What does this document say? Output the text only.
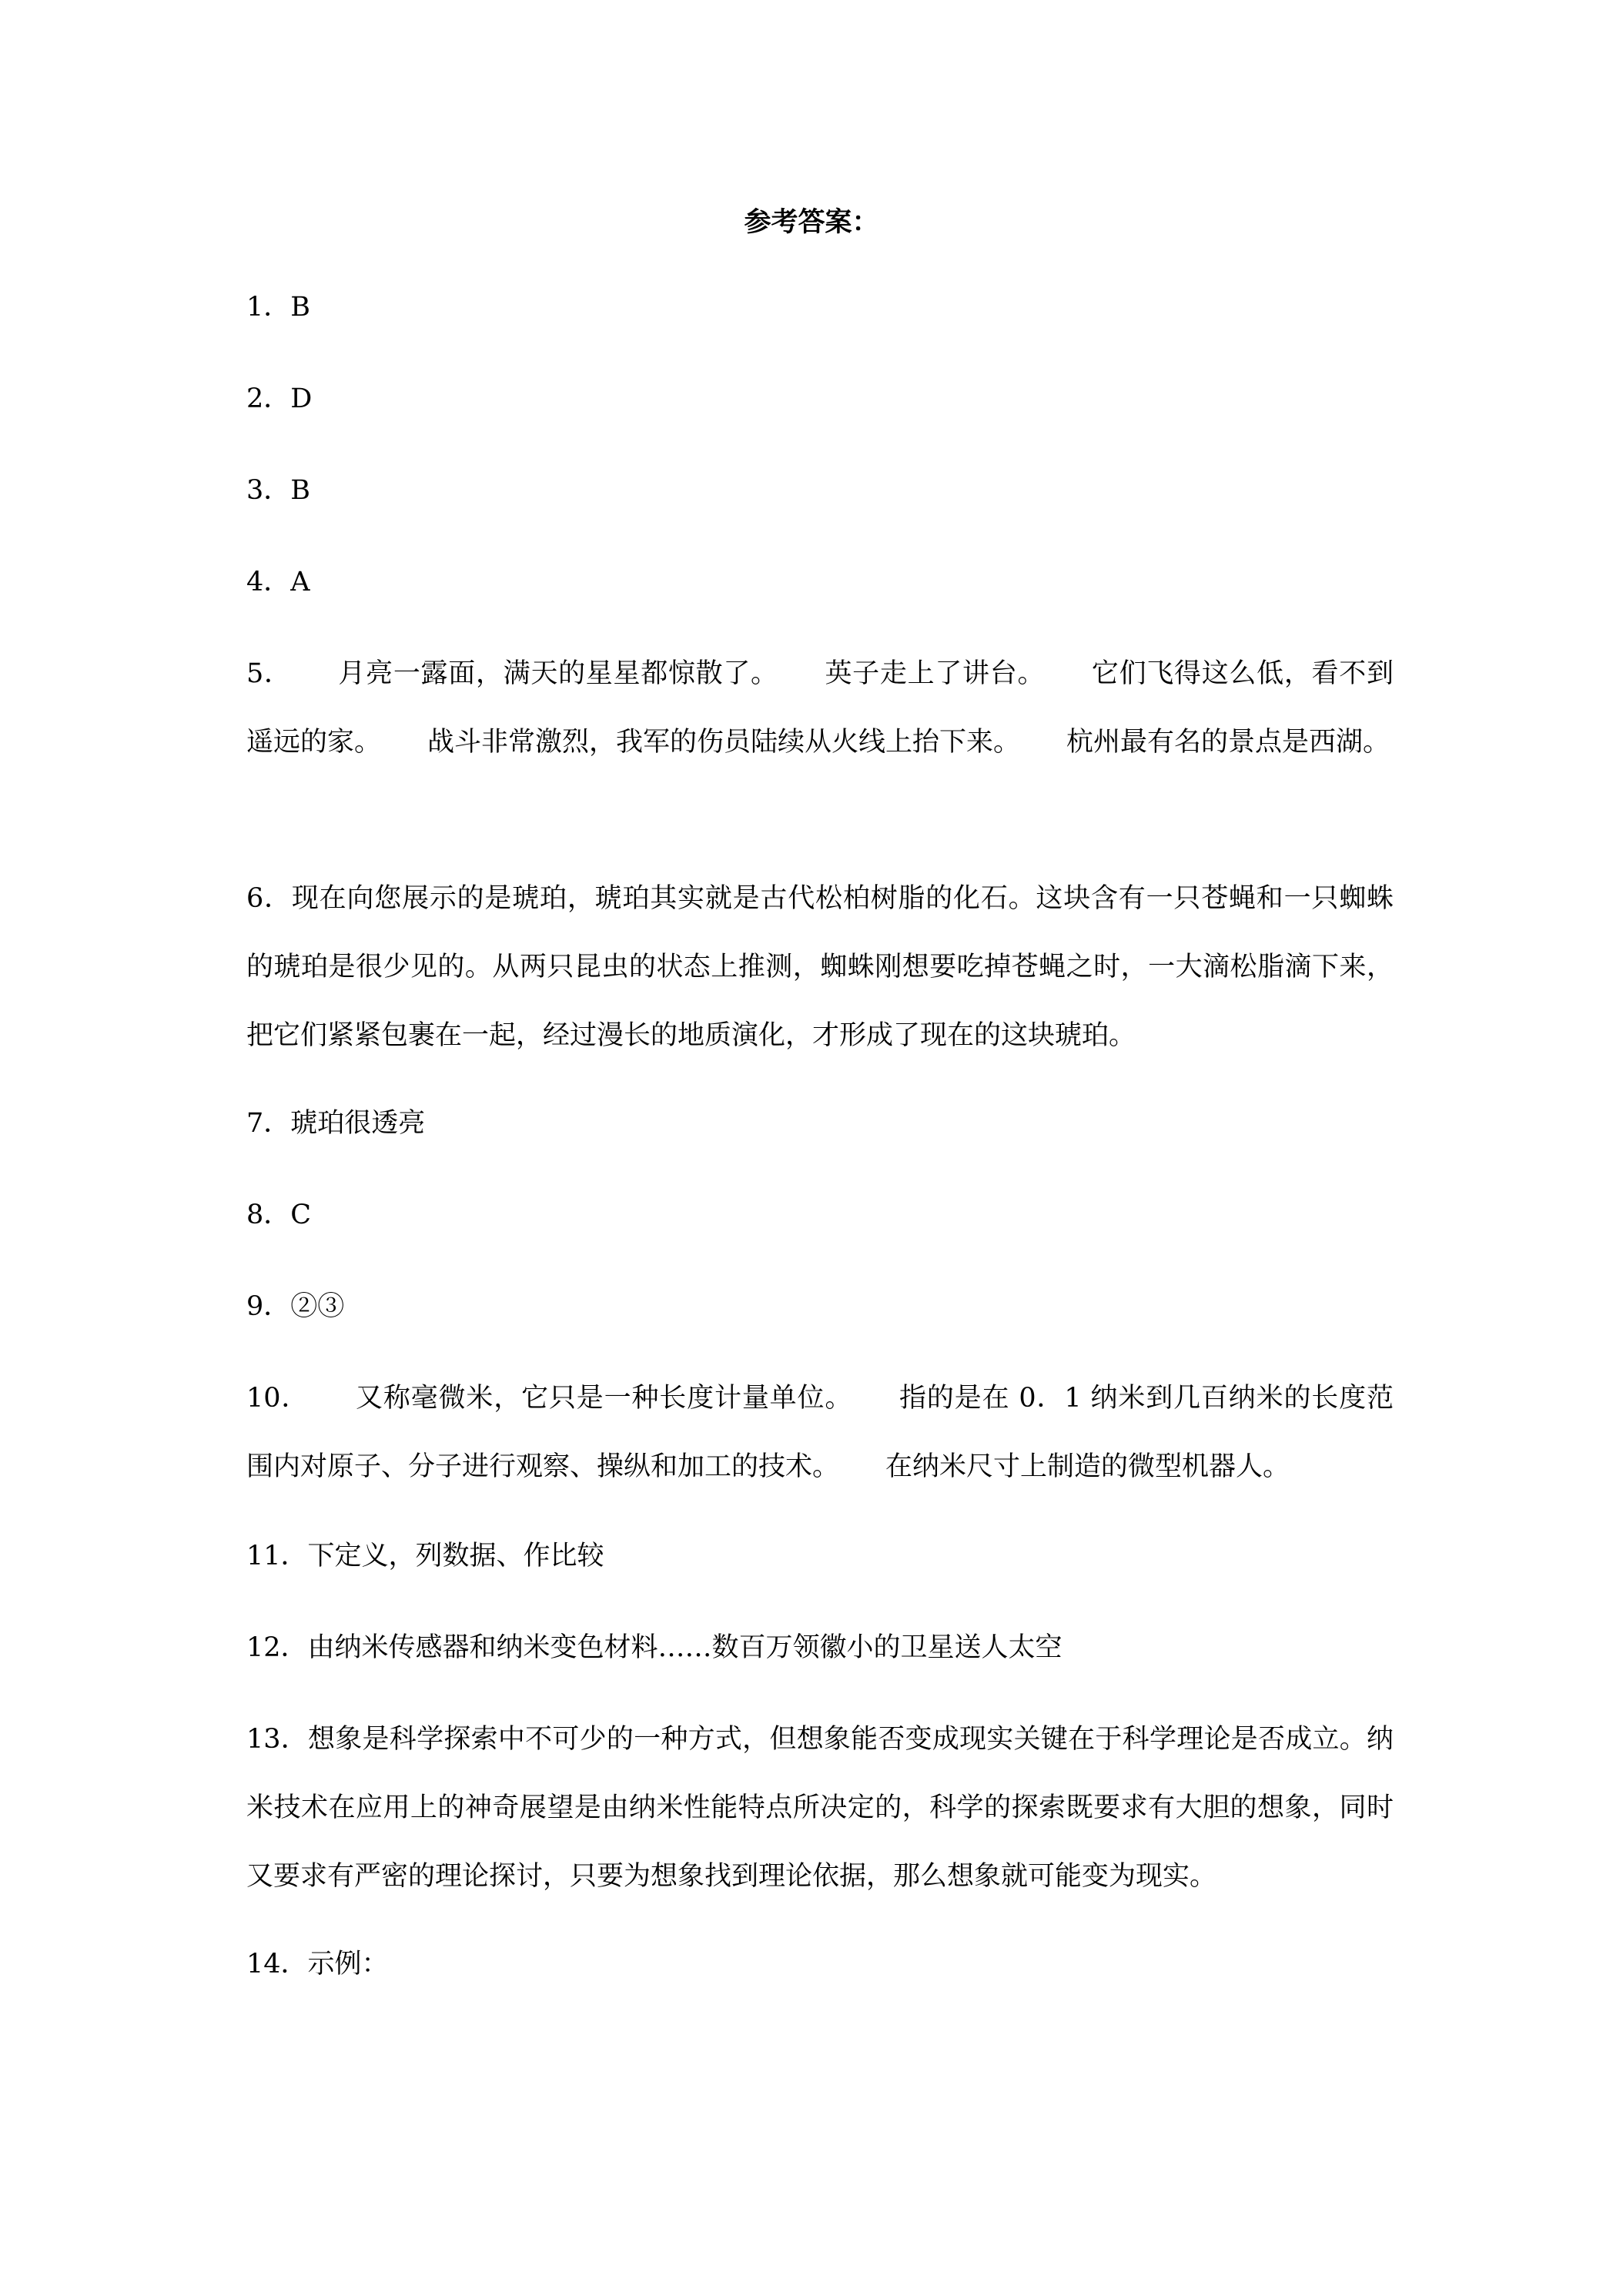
参考答案：
1．B
2．D
3．B
4．A
5． 月亮一露面，满天的星星都惊散了。 英子走上了讲台。 它们飞得这么低，看不到遥远的家。 战斗非常激烈，我军的伤员陆续从火线上抬下来。 杭州最有名的景点是西湖。
6．现在向您展示的是琥珀，琥珀其实就是古代松柏树脂的化石。这块含有一只苍蝇和一只蜘蛛的琥珀是很少见的。从两只昆虫的状态上推测，蜘蛛刚想要吃掉苍蝇之时，一大滴松脂滴下来，把它们紧紧包裹在一起，经过漫长的地质演化，才形成了现在的这块琥珀。
7．琥珀很透亮
8．C
9．②③
10． 又称毫微米，它只是一种长度计量单位。 指的是在 0．1 纳米到几百纳米的长度范围内对原子、分子进行观察、操纵和加工的技术。 在纳米尺寸上制造的微型机器人。
11．下定义，列数据、作比较
12．由纳米传感器和纳米变色材料……数百万领徽小的卫星送人太空
13．想象是科学探索中不可少的一种方式，但想象能否变成现实关键在于科学理论是否成立。纳米技术在应用上的神奇展望是由纳米性能特点所决定的，科学的探索既要求有大胆的想象，同时又要求有严密的理论探讨，只要为想象找到理论依据，那么想象就可能变为现实。
14．示例：
